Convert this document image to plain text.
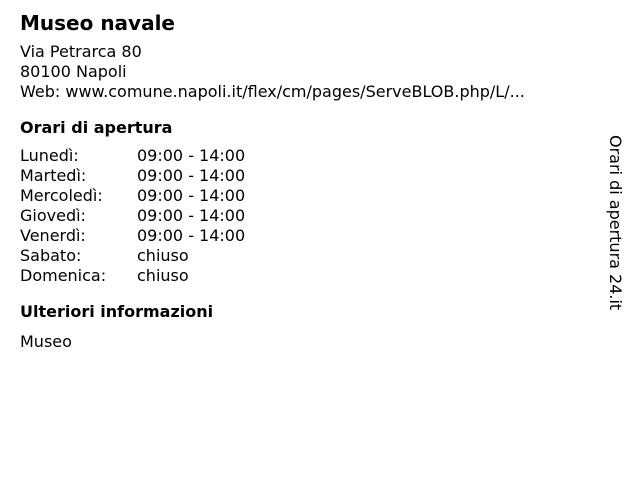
Museo navale
Via Petrarca 80
80100 Napoli
Web: www.comune.napoli.it/flex/cm/pages/ServeBLOB.php/L/...
Orari di apertura
Lunedì:	09:00 - 14:00
Martedì:	09:00 - 14:00
Mercoledì:	09:00 - 14:00
Giovedì:	09:00 - 14:00
Venerdì:	09:00 - 14:00
Sabato:	chiuso
Domenica:	chiuso
Ulteriori informazioni
Museo
Orari di apertura 24.it
